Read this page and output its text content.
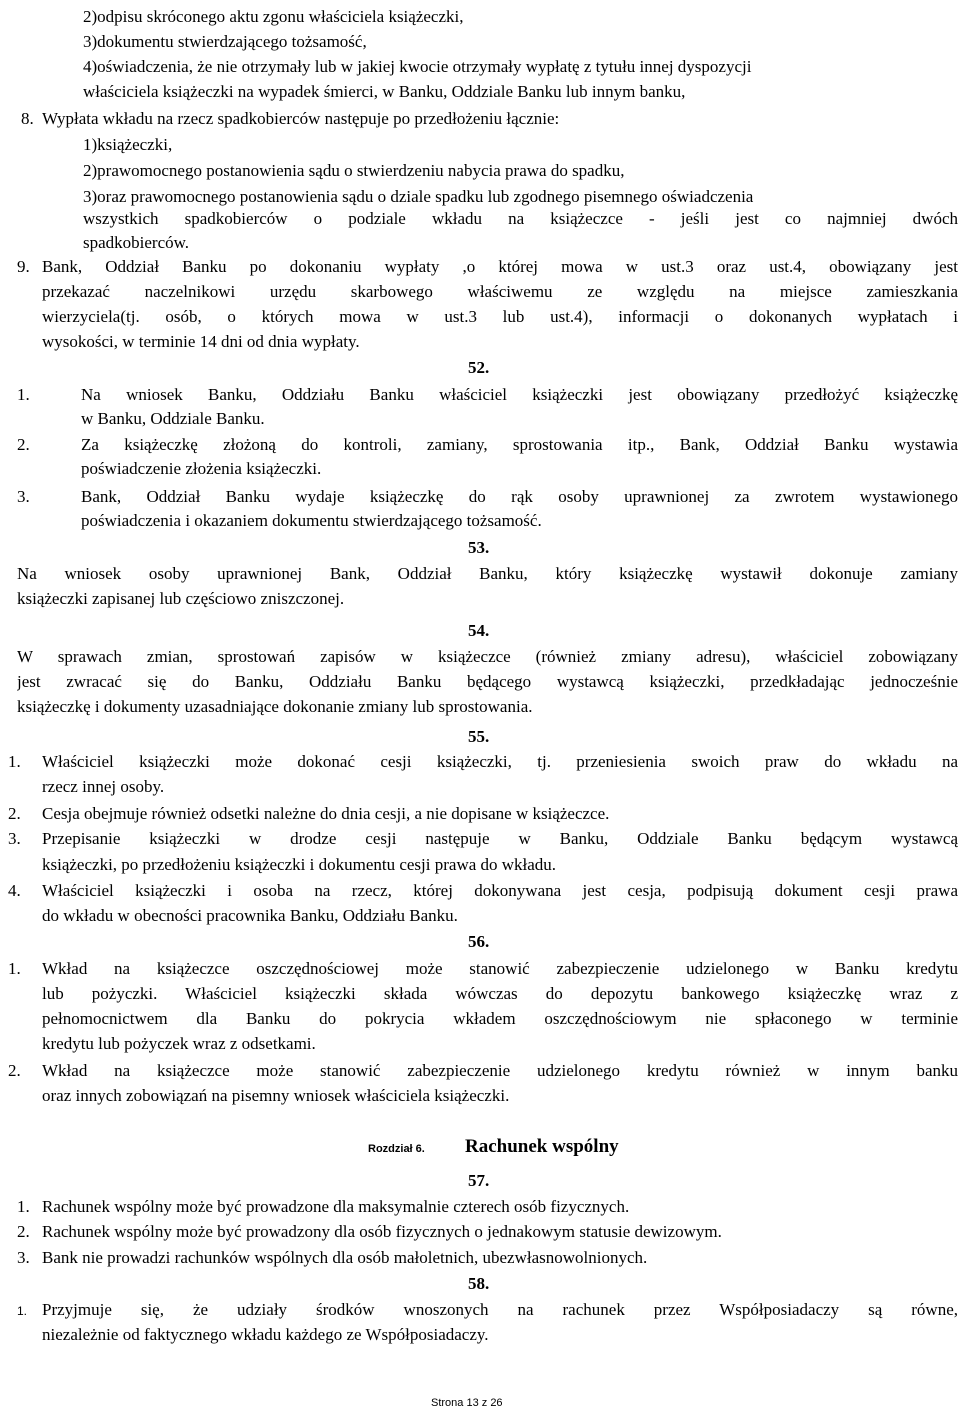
2)odpisu skróconego aktu zgonu właściciela książeczki,
3)dokumentu stwierdzającego tożsamość,
4)oświadczenia, że nie otrzymały lub w jakiej kwocie otrzymały wypłatę z tytułu innej dyspozycji
właściciela książeczki na wypadek śmierci, w Banku, Oddziale Banku lub innym banku,
8. Wypłata wkładu na rzecz spadkobierców następuje po przedłożeniu łącznie:
1)książeczki,
2)prawomocnego postanowienia sądu o stwierdzeniu nabycia prawa do spadku,
3)oraz prawomocnego postanowienia sądu o dziale spadku lub zgodnego pisemnego oświadczenia
wszystkich spadkobierców o podziale wkładu na książeczce - jeśli jest co najmniej dwóch
spadkobierców.
9. Bank, Oddział Banku po dokonaniu wypłaty ,o której mowa w ust.3 oraz ust.4, obowiązany jest
przekazać naczelnikowi urzędu skarbowego właściwemu ze względu na miejsce zamieszkania
wierzyciela(tj. osób, o których mowa w ust.3 lub ust.4), informacji o dokonanych wypłatach i
wysokości, w terminie 14 dni od dnia wypłaty.
52.
1.	Na wniosek Banku, Oddziału Banku właściciel książeczki jest obowiązany przedłożyć książeczkę
w Banku, Oddziale Banku.
2.	Za książeczkę złożoną do kontroli, zamiany, sprostowania itp., Bank, Oddział Banku wystawia
poświadczenie złożenia książeczki.
3.	Bank, Oddział Banku wydaje książeczkę do rąk osoby uprawnionej za zwrotem wystawionego
poświadczenia i okazaniem dokumentu stwierdzającego tożsamość.
53.
Na wniosek osoby uprawnionej Bank, Oddział Banku, który książeczkę wystawił dokonuje zamiany
książeczki zapisanej lub częściowo zniszczonej.
54.
W sprawach zmian, sprostowań zapisów w książeczce (również zmiany adresu), właściciel zobowiązany
jest zwracać się do Banku, Oddziału Banku będącego wystawcą książeczki, przedkładając jednocześnie
książeczkę i dokumenty uzasadniające dokonanie zmiany lub sprostowania.
55.
1. Właściciel książeczki może dokonać cesji książeczki, tj. przeniesienia swoich praw do wkładu na
rzecz innej osoby.
2. Cesja obejmuje również odsetki należne do dnia cesji, a nie dopisane w książeczce.
3. Przepisanie książeczki w drodze cesji następuje w Banku, Oddziale Banku będącym wystawcą
książeczki, po przedłożeniu książeczki i dokumentu cesji prawa do wkładu.
4. Właściciel książeczki i osoba na rzecz, której dokonywana jest cesja, podpisują dokument cesji prawa
do wkładu w obecności pracownika Banku, Oddziału Banku.
56.
1. Wkład na książeczce oszczędnościowej może stanowić zabezpieczenie udzielonego w Banku kredytu
lub pożyczki. Właściciel książeczki składa wówczas do depozytu bankowego książeczkę wraz z
pełnomocnictwem dla Banku do pokrycia wkładem oszczędnościowym nie spłaconego w terminie
kredytu lub pożyczek wraz z odsetkami.
2. Wkład na książeczce może stanowić zabezpieczenie udzielonego kredytu również w innym banku
oraz innych zobowiązań na pisemny wniosek właściciela książeczki.
Rozdział 6. Rachunek wspólny
57.
1. Rachunek wspólny może być prowadzone dla maksymalnie czterech osób fizycznych.
2. Rachunek wspólny może być prowadzony dla osób fizycznych o jednakowym statusie dewizowym.
3. Bank nie prowadzi rachunków wspólnych dla osób małoletnich, ubezwłasnowolnionych.
58.
1. Przyjmuje się, że udziały środków wnoszonych na rachunek przez Współposiadaczy są równe,
niezależnie od faktycznego wkładu każdego ze Współposiadaczy.
Strona 13 z 26
